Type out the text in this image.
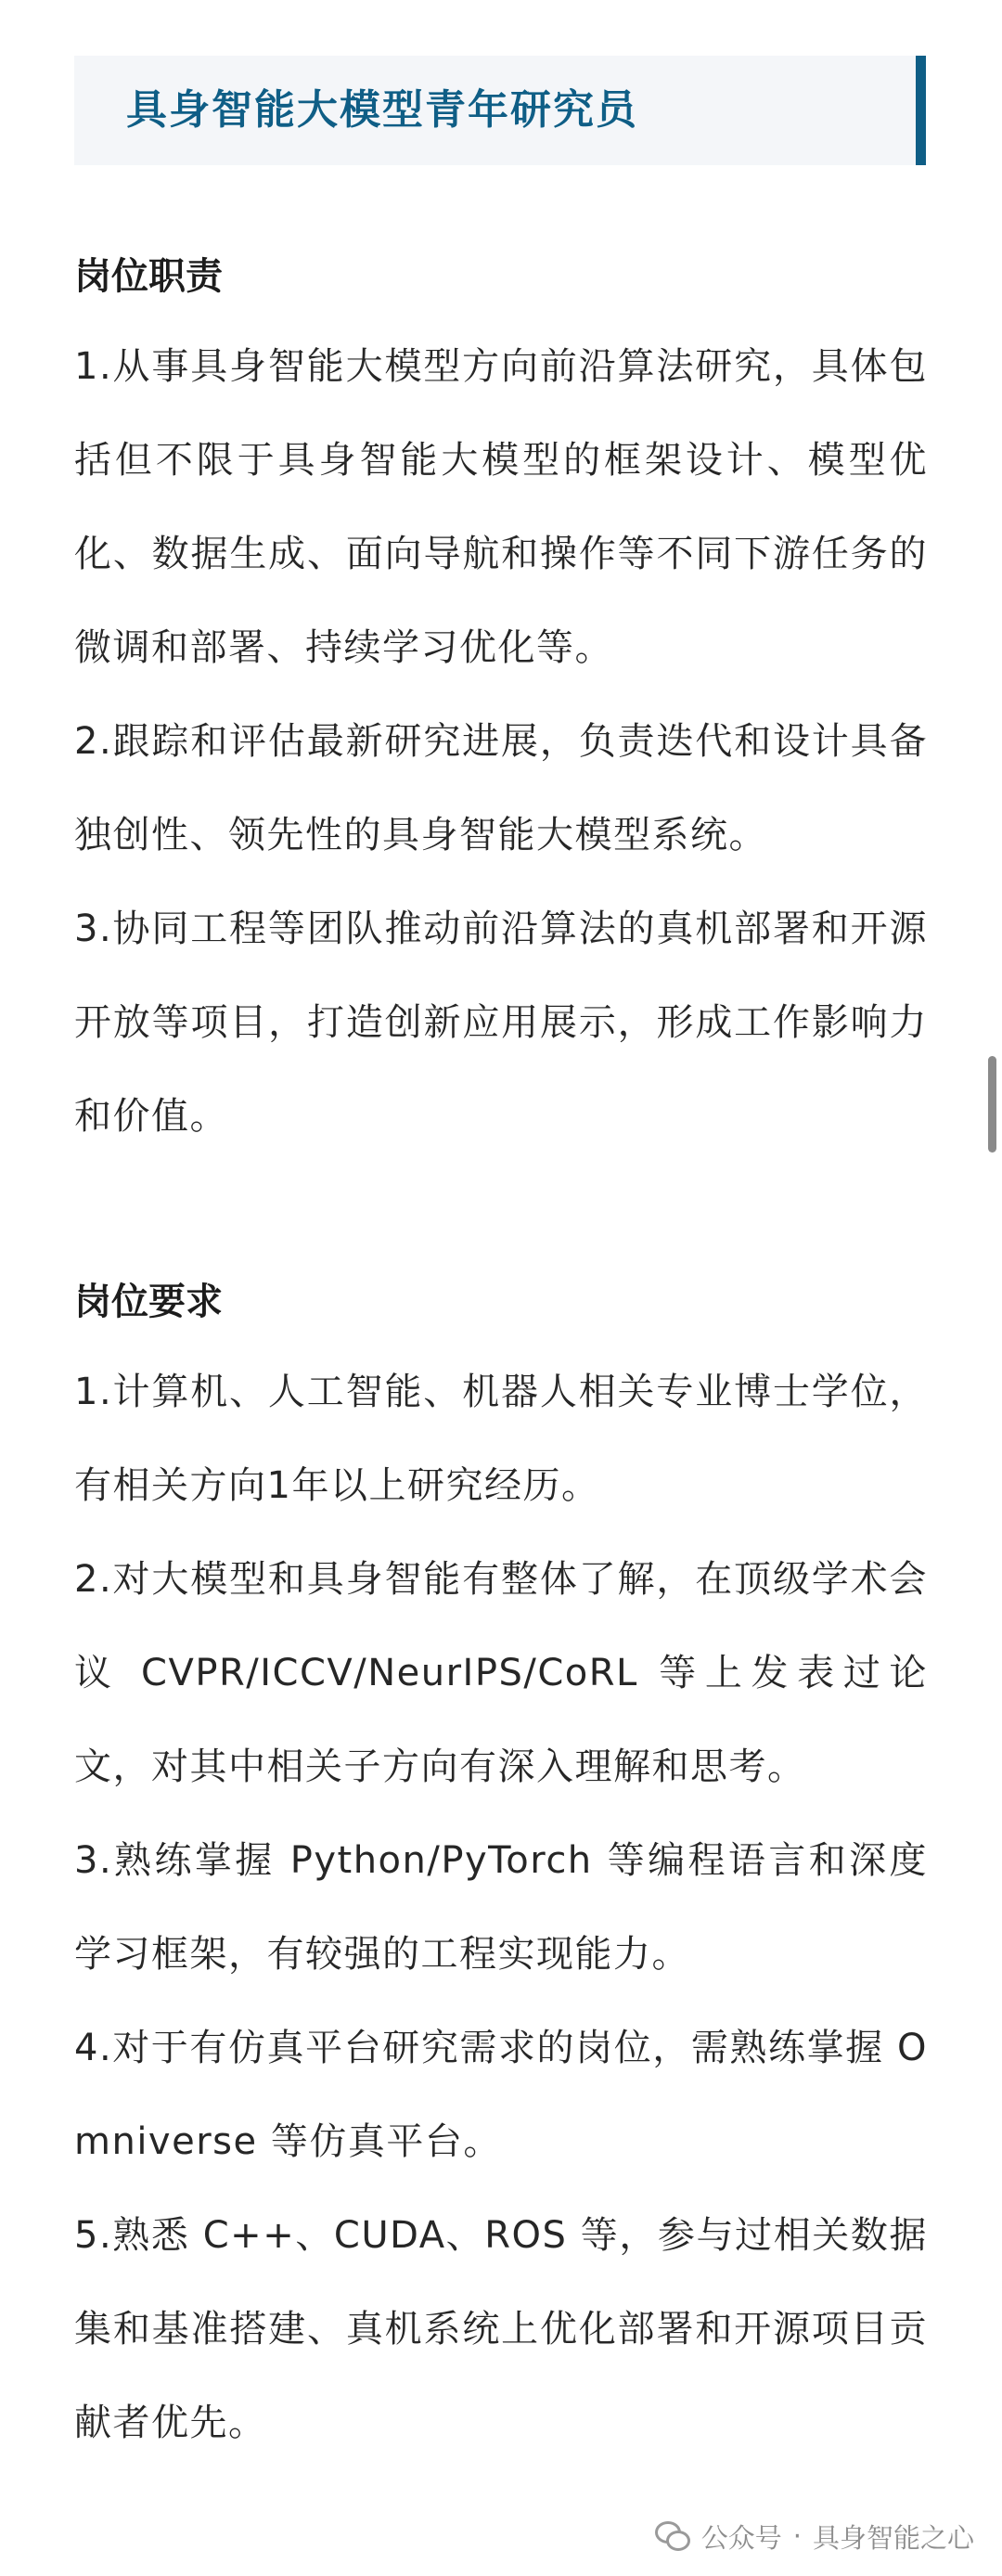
具身智能大模型青年研究员
岗位职责
1.从事具身智能大模型方向前沿算法研究，具体包括但不限于具身智能大模型的框架设计、模型优化、数据生成、面向导航和操作等不同下游任务的微调和部署、持续学习优化等。
2.跟踪和评估最新研究进展，负责迭代和设计具备独创性、领先性的具身智能大模型系统。
3.协同工程等团队推动前沿算法的真机部署和开源开放等项目，打造创新应用展示，形成工作影响力和价值。
岗位要求
1.计算机、人工智能、机器人相关专业博士学位，有相关方向1年以上研究经历。
2.对大模型和具身智能有整体了解，在顶级学术会议 CVPR/ICCV/NeurIPS/CoRL 等上发表过论文，对其中相关子方向有深入理解和思考。
3.熟练掌握 Python/PyTorch 等编程语言和深度学习框架，有较强的工程实现能力。
4.对于有仿真平台研究需求的岗位，需熟练掌握 Omniverse 等仿真平台。
5.熟悉 C++、CUDA、ROS 等，参与过相关数据集和基准搭建、真机系统上优化部署和开源项目贡献者优先。
公众号 · 具身智能之心
